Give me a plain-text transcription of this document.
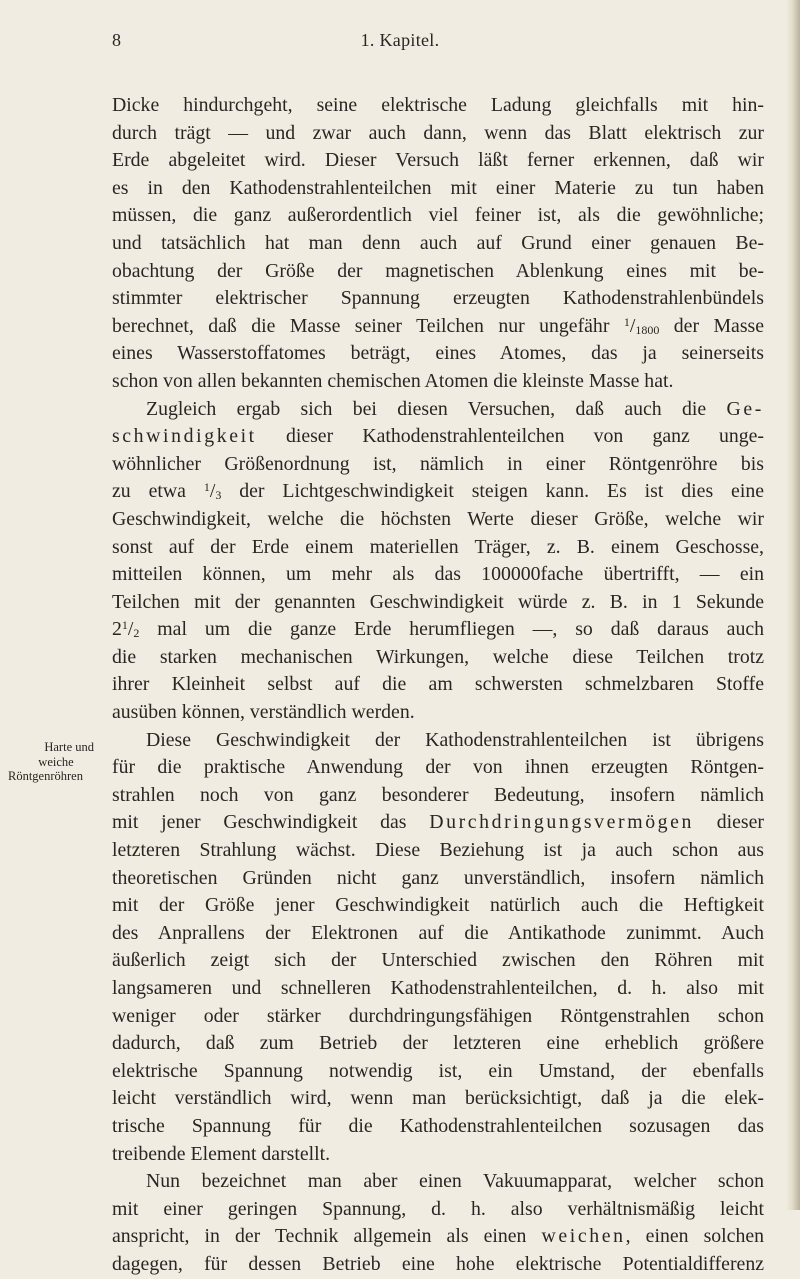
8	1. Kapitel.
Harte und
weiche
Röntgenröhren
Dicke hindurchgeht, seine elektrische Ladung gleichfalls mit hin-
durch trägt — und zwar auch dann, wenn das Blatt elektrisch zur
Erde abgeleitet wird. Dieser Versuch läßt ferner erkennen, daß wir
es in den Kathodenstrahlenteilchen mit einer Materie zu tun haben
müssen, die ganz außerordentlich viel feiner ist, als die gewöhnliche;
und tatsächlich hat man denn auch auf Grund einer genauen Be-
obachtung der Größe der magnetischen Ablenkung eines mit be-
stimmter elektrischer Spannung erzeugten Kathodenstrahlenbündels
berechnet, daß die Masse seiner Teilchen nur ungefähr $^1/_{1800}$ der Masse
eines Wasserstoffatomes beträgt, eines Atomes, das ja seinerseits
schon von allen bekannten chemischen Atomen die kleinste Masse hat.
Zugleich ergab sich bei diesen Versuchen, daß auch die Ge-
schwindigkeit dieser Kathodenstrahlenteilchen von ganz unge-
wöhnlicher Größenordnung ist, nämlich in einer Röntgenröhre bis
zu etwa $^1/_3$ der Lichtgeschwindigkeit steigen kann. Es ist dies eine
Geschwindigkeit, welche die höchsten Werte dieser Größe, welche wir
sonst auf der Erde einem materiellen Träger, z. B. einem Geschosse,
mitteilen können, um mehr als das 100000fache übertrifft, — ein
Teilchen mit der genannten Geschwindigkeit würde z. B. in 1 Sekunde
$2^1/_2$ mal um die ganze Erde herumfliegen —, so daß daraus auch
die starken mechanischen Wirkungen, welche diese Teilchen trotz
ihrer Kleinheit selbst auf die am schwersten schmelzbaren Stoffe
ausüben können, verständlich werden.
Diese Geschwindigkeit der Kathodenstrahlenteilchen ist übrigens
für die praktische Anwendung der von ihnen erzeugten Röntgen-
strahlen noch von ganz besonderer Bedeutung, insofern nämlich
mit jener Geschwindigkeit das Durchdringungsvermögen dieser
letzteren Strahlung wächst. Diese Beziehung ist ja auch schon aus
theoretischen Gründen nicht ganz unverständlich, insofern nämlich
mit der Größe jener Geschwindigkeit natürlich auch die Heftigkeit
des Anprallens der Elektronen auf die Antikathode zunimmt. Auch
äußerlich zeigt sich der Unterschied zwischen den Röhren mit
langsameren und schnelleren Kathodenstrahlenteilchen, d. h. also mit
weniger oder stärker durchdringungsfähigen Röntgenstrahlen schon
dadurch, daß zum Betrieb der letzteren eine erheblich größere
elektrische Spannung notwendig ist, ein Umstand, der ebenfalls
leicht verständlich wird, wenn man berücksichtigt, daß ja die elek-
trische Spannung für die Kathodenstrahlenteilchen sozusagen das
treibende Element darstellt.
Nun bezeichnet man aber einen Vakuumapparat, welcher schon
mit einer geringen Spannung, d. h. also verhältnismäßig leicht
anspricht, in der Technik allgemein als einen weichen, einen solchen
dagegen, für dessen Betrieb eine hohe elektrische Potentialdifferenz
